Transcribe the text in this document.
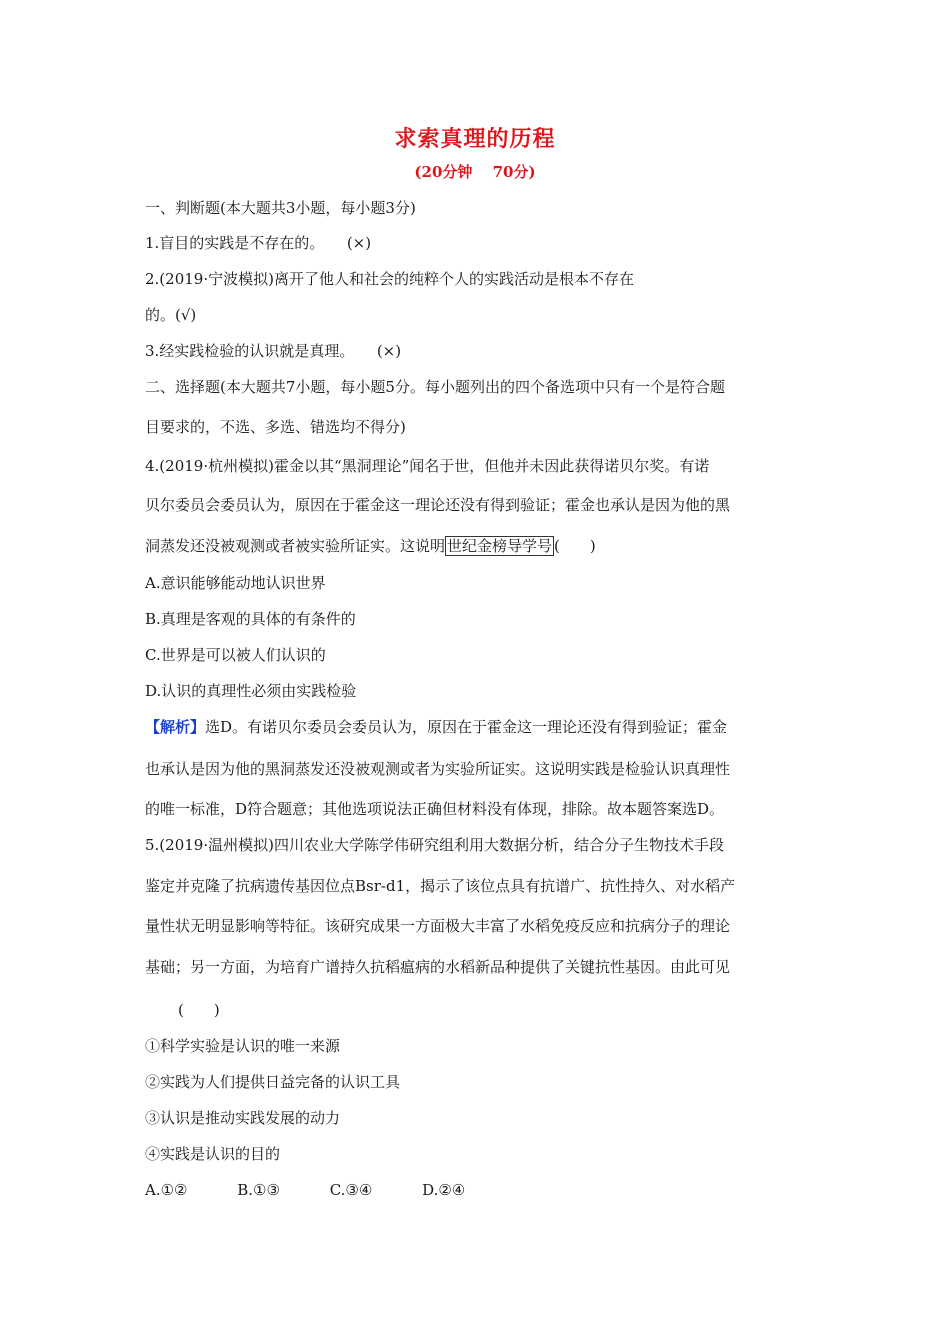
求索真理的历程
(20分钟　 70分)
一、判断题(本大题共3小题，每小题3分)
1.盲目的实践是不存在的。　　(×)
2.(2019·宁波模拟)离开了他人和社会的纯粹个人的实践活动是根本不存在
的。(√)
3.经实践检验的认识就是真理。　　(×)
二、选择题(本大题共7小题，每小题5分。每小题列出的四个备选项中只有一个是符合题
目要求的，不选、多选、错选均不得分)
4.(2019·杭州模拟)霍金以其“黑洞理论”闻名于世，但他并未因此获得诺贝尔奖。有诺
贝尔委员会委员认为，原因在于霍金这一理论还没有得到验证；霍金也承认是因为他的黑
洞蒸发还没被观测或者被实验所证实。这说明 世纪金榜导学号 (　　)
A.意识能够能动地认识世界
B.真理是客观的具体的有条件的
C.世界是可以被人们认识的
D.认识的真理性必须由实践检验
【解析】选D。有诺贝尔委员会委员认为，原因在于霍金这一理论还没有得到验证；霍金
也承认是因为他的黑洞蒸发还没被观测或者为实验所证实。这说明实践是检验认识真理性
的唯一标准，D符合题意；其他选项说法正确但材料没有体现，排除。故本题答案选D。
5.(2019·温州模拟)四川农业大学陈学伟研究组利用大数据分析，结合分子生物技术手段
鉴定并克隆了抗病遗传基因位点Bsr-d1，揭示了该位点具有抗谱广、抗性持久、对水稻产
量性状无明显影响等特征。该研究成果一方面极大丰富了水稻免疫反应和抗病分子的理论
基础；另一方面，为培育广谱持久抗稻瘟病的水稻新品种提供了关键抗性基因。由此可见
(　　)
①科学实验是认识的唯一来源
②实践为人们提供日益完备的认识工具
③认识是推动实践发展的动力
④实践是认识的目的
A.①②　　　 B.①③　　　 C.③④　　　 D.②④
